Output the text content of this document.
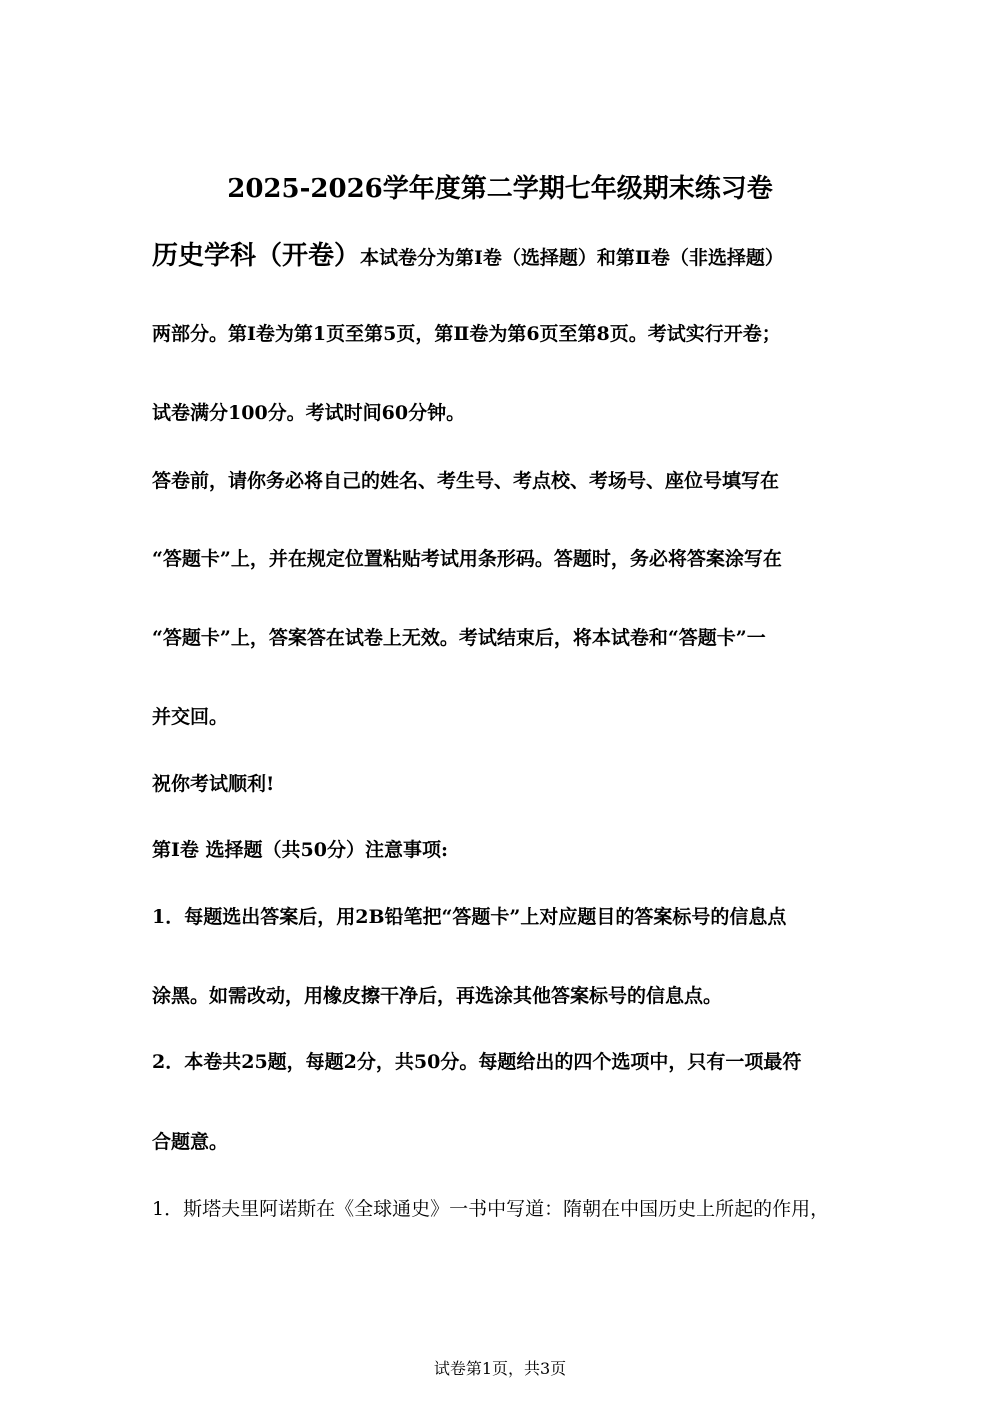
2025-2026学年度第二学期七年级期末练习卷
历史学科（开卷）本试卷分为第Ⅰ卷（选择题）和第Ⅱ卷（非选择题）
两部分。第Ⅰ卷为第1页至第5页，第Ⅱ卷为第6页至第8页。考试实行开卷；
试卷满分100分。考试时间60分钟。
答卷前，请你务必将自己的姓名、考生号、考点校、考场号、座位号填写在
“答题卡”上，并在规定位置粘贴考试用条形码。答题时，务必将答案涂写在
“答题卡”上，答案答在试卷上无效。考试结束后，将本试卷和“答题卡”一
并交回。
祝你考试顺利!
第Ⅰ卷 选择题（共50分）注意事项:
1．每题选出答案后，用2B铅笔把“答题卡”上对应题目的答案标号的信息点
涂黑。如需改动，用橡皮擦干净后，再选涂其他答案标号的信息点。
2．本卷共25题，每题2分，共50分。每题给出的四个选项中，只有一项最符
合题意。
1．斯塔夫里阿诺斯在《全球通史》一书中写道：隋朝在中国历史上所起的作用，
试卷第1页，共3页
